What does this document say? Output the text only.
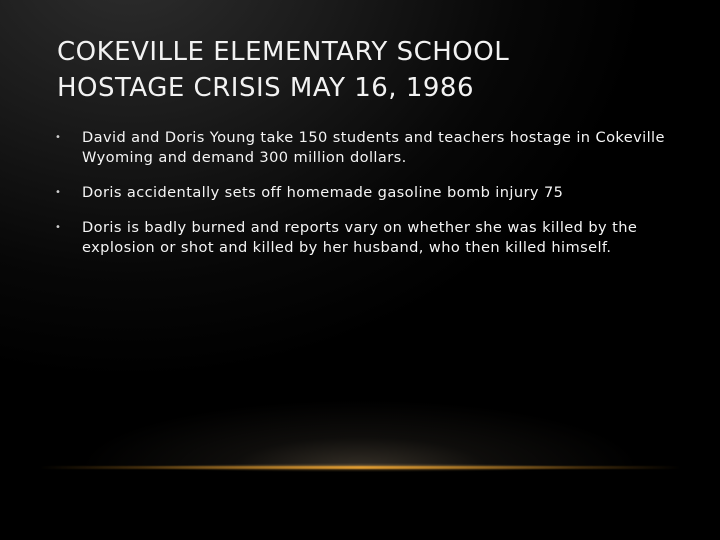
COKEVILLE ELEMENTARY SCHOOL
HOSTAGE CRISIS MAY 16, 1986
• David and Doris Young take 150 students and teachers hostage in Cokeville Wyoming and demand 300 million dollars.
• Doris accidentally sets off homemade gasoline bomb injury 75
• Doris is badly burned and reports vary on whether she was killed by the explosion or shot and killed by her husband, who then killed himself.
